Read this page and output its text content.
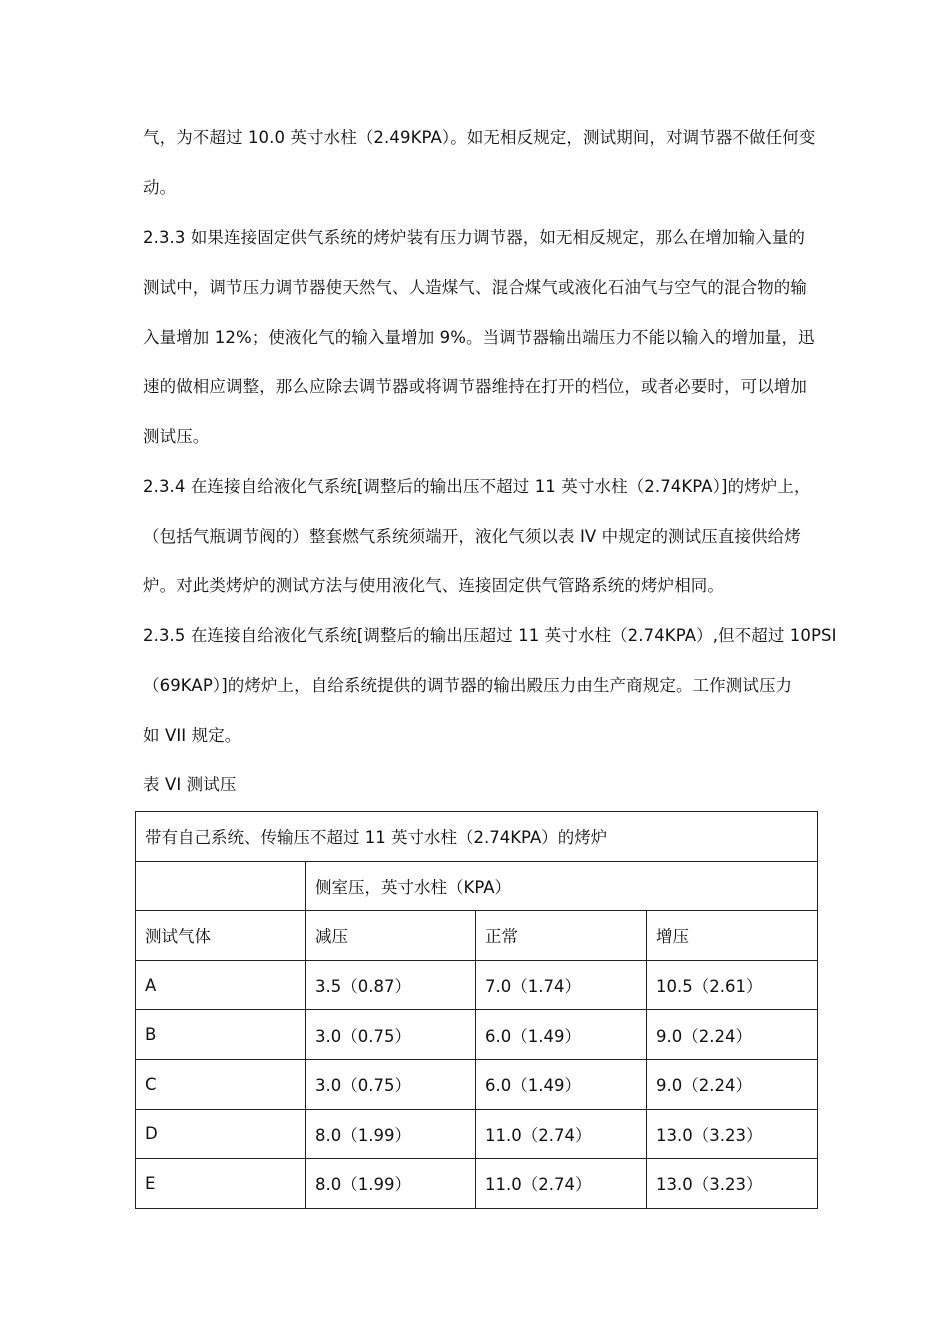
气，为不超过 10.0 英寸水柱（2.49KPA）。如无相反规定，测试期间，对调节器不做任何变
动。
2.3.3 如果连接固定供气系统的烤炉装有压力调节器，如无相反规定，那么在增加输入量的
测试中，调节压力调节器使天然气、人造煤气、混合煤气或液化石油气与空气的混合物的输
入量增加 12%；使液化气的输入量增加 9%。当调节器输出端压力不能以输入的增加量，迅
速的做相应调整，那么应除去调节器或将调节器维持在打开的档位，或者必要时，可以增加
测试压。
2.3.4 在连接自给液化气系统[调整后的输出压不超过 11 英寸水柱（2.74KPA）]的烤炉上，
（包括气瓶调节阀的）整套燃气系统须端开，液化气须以表 IV 中规定的测试压直接供给烤
炉。对此类烤炉的测试方法与使用液化气、连接固定供气管路系统的烤炉相同。
2.3.5 在连接自给液化气系统[调整后的输出压超过 11 英寸水柱（2.74KPA）,但不超过 10PSI
（69KAP）]的烤炉上，自给系统提供的调节器的输出殿压力由生产商规定。工作测试压力
如 VII 规定。
表 VI 测试压
带有自己系统、传输压不超过 11 英寸水柱（2.74KPA）的烤炉			
	侧室压，英寸水柱（KPA）		
测试气体	减压	正常	增压
A	3.5（0.87）	7.0（1.74）	10.5（2.61）
B	3.0（0.75）	6.0（1.49）	9.0（2.24）
C	3.0（0.75）	6.0（1.49）	9.0（2.24）
D	8.0（1.99）	11.0（2.74）	13.0（3.23）
E	8.0（1.99）	11.0（2.74）	13.0（3.23）
